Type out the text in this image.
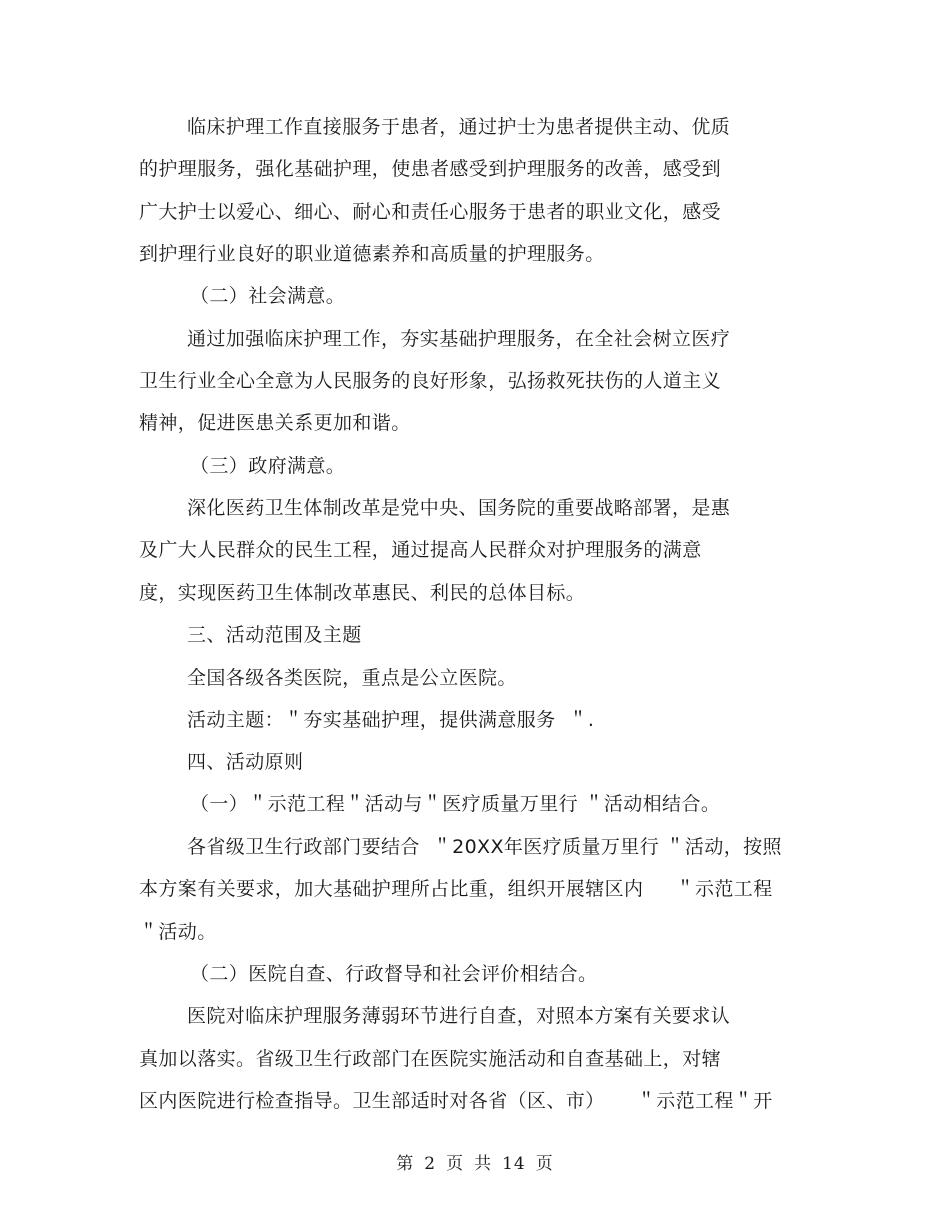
临床护理工作直接服务于患者，通过护士为患者提供主动、优质

的护理服务，强化基础护理，使患者感受到护理服务的改善，感受到

广大护士以爱心、细心、耐心和责任心服务于患者的职业文化，感受

到护理行业良好的职业道德素养和高质量的护理服务。

（二）社会满意。

通过加强临床护理工作，夯实基础护理服务，在全社会树立医疗

卫生行业全心全意为人民服务的良好形象，弘扬救死扶伤的人道主义

精神，促进医患关系更加和谐。

（三）政府满意。

深化医药卫生体制改革是党中央、国务院的重要战略部署，是惠

及广大人民群众的民生工程，通过提高人民群众对护理服务的满意

度，实现医药卫生体制改革惠民、利民的总体目标。

三、活动范围及主题

全国各级各类医院，重点是公立医院。

活动主题：＂夯实基础护理，提供满意服务  ＂.

四、活动原则

（一）＂示范工程＂活动与＂医疗质量万里行 ＂活动相结合。

各省级卫生行政部门要结合  ＂20XX年医疗质量万里行 ＂活动，按照

本方案有关要求，加大基础护理所占比重，组织开展辖区内     ＂示范工程

＂活动。

（二）医院自查、行政督导和社会评价相结合。

医院对临床护理服务薄弱环节进行自查，对照本方案有关要求认

真加以落实。省级卫生行政部门在医院实施活动和自查基础上，对辖

区内医院进行检查指导。卫生部适时对各省（区、市）     ＂示范工程＂开

第 2 页 共 14 页
